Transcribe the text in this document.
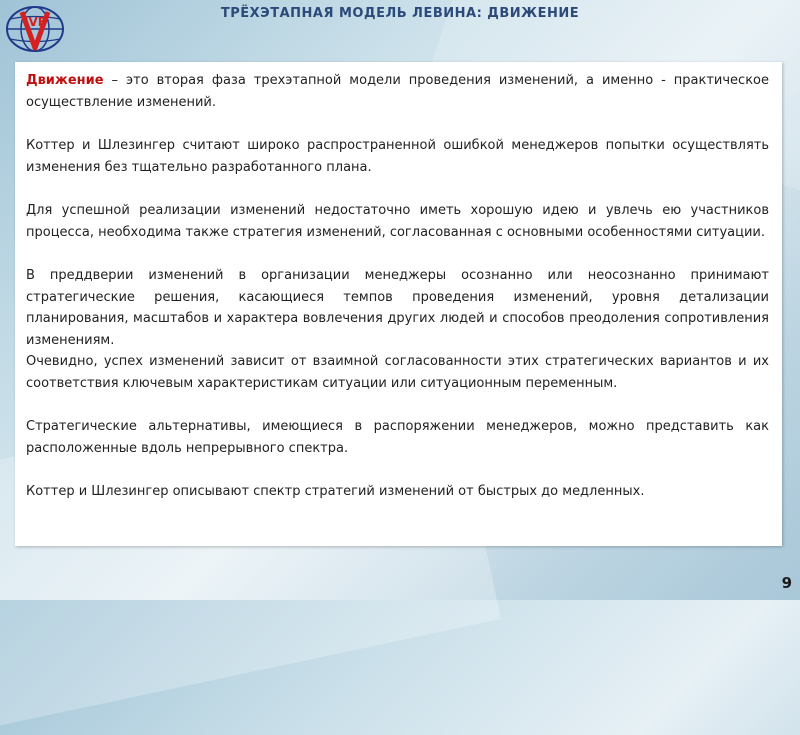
IVE
ТРЁХЭТАПНАЯ МОДЕЛЬ ЛЕВИНА: ДВИЖЕНИЕ

Движение – это вторая фаза трехэтапной модели проведения изменений, а именно - практическое осуществление изменений.

Коттер и Шлезингер считают широко распространенной ошибкой менеджеров попытки осуществлять изменения без тщательно разработанного плана.

Для успешной реализации изменений недостаточно иметь хорошую идею и увлечь ею участников процесса, необходима также стратегия изменений, согласованная с основными особенностями ситуации.

В преддверии изменений в организации менеджеры осознанно или неосознанно принимают стратегические решения, касающиеся темпов проведения изменений, уровня детализации планирования, масштабов и характера вовлечения других людей и способов преодоления сопротивления изменениям.

Очевидно, успех изменений зависит от взаимной согласованности этих стратегических вариантов и их соответствия ключевым характеристикам ситуации или ситуационным переменным.

Стратегические альтернативы, имеющиеся в распоряжении менеджеров, можно представить как расположенные вдоль непрерывного спектра.

Коттер и Шлезингер описывают спектр стратегий изменений от быстрых до медленных.

9
